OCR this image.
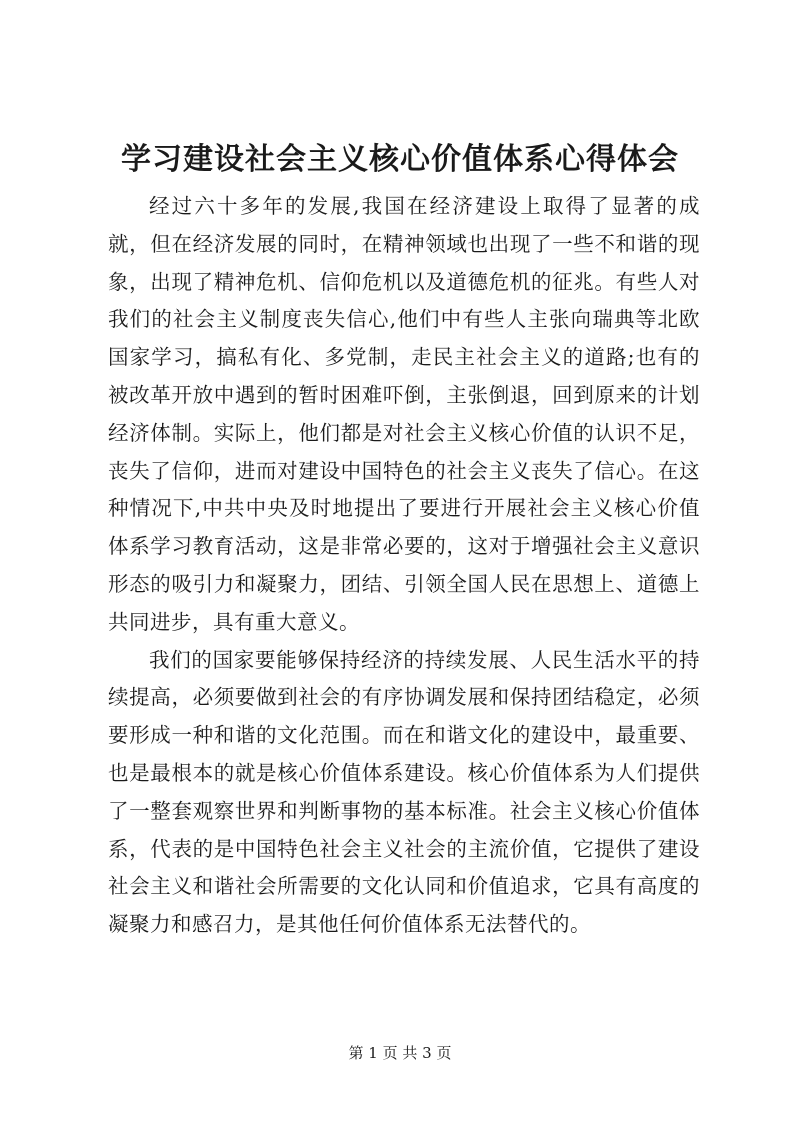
学习建设社会主义核心价值体系心得体会

经过六十多年的发展,我国在经济建设上取得了显著的成就，但在经济发展的同时，在精神领域也出现了一些不和谐的现象，出现了精神危机、信仰危机以及道德危机的征兆。有些人对我们的社会主义制度丧失信心,他们中有些人主张向瑞典等北欧国家学习，搞私有化、多党制，走民主社会主义的道路;也有的被改革开放中遇到的暂时困难吓倒，主张倒退，回到原来的计划经济体制。实际上，他们都是对社会主义核心价值的认识不足，丧失了信仰，进而对建设中国特色的社会主义丧失了信心。在这种情况下,中共中央及时地提出了要进行开展社会主义核心价值体系学习教育活动，这是非常必要的，这对于增强社会主义意识形态的吸引力和凝聚力，团结、引领全国人民在思想上、道德上共同进步，具有重大意义。

我们的国家要能够保持经济的持续发展、人民生活水平的持续提高，必须要做到社会的有序协调发展和保持团结稳定，必须要形成一种和谐的文化范围。而在和谐文化的建设中，最重要、也是最根本的就是核心价值体系建设。核心价值体系为人们提供了一整套观察世界和判断事物的基本标准。社会主义核心价值体系，代表的是中国特色社会主义社会的主流价值，它提供了建设社会主义和谐社会所需要的文化认同和价值追求，它具有高度的凝聚力和感召力，是其他任何价值体系无法替代的。

第 1 页 共 3 页
